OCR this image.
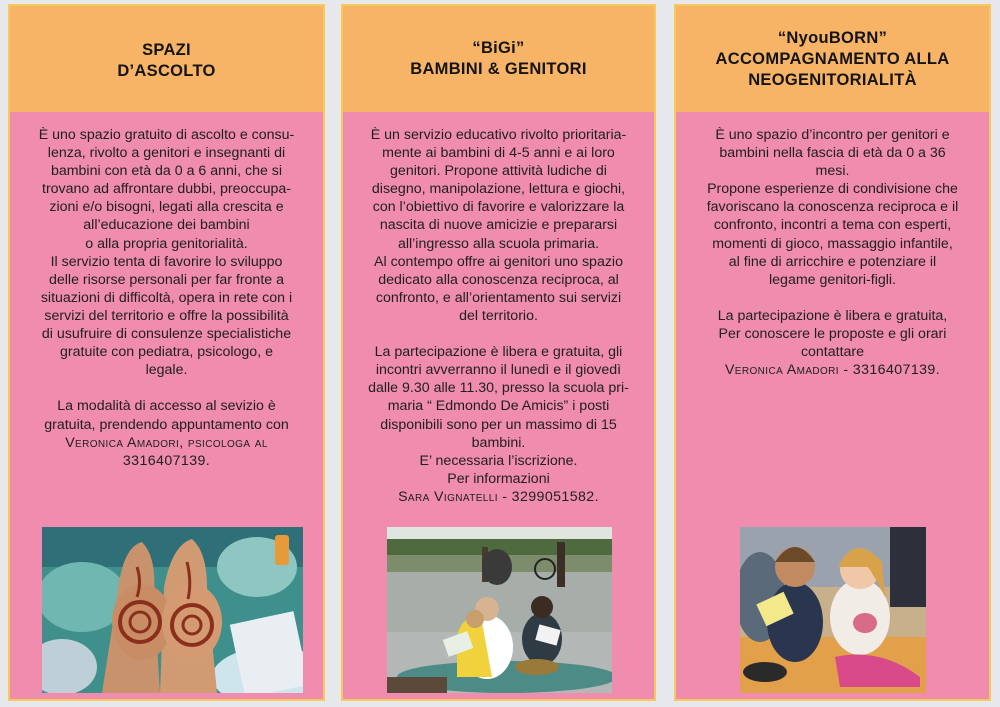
SPAZI
D’ASCOLTO
È uno spazio gratuito di ascolto e consu-
lenza, rivolto a genitori e insegnanti di
bambini con età da 0 a 6 anni, che si
trovano ad affrontare dubbi, preoccupa-
zioni e/o bisogni, legati alla crescita e
all’educazione dei bambini
o alla propria genitorialità.
Il servizio tenta di favorire lo sviluppo
delle risorse personali per far fronte a
situazioni di difficoltà, opera in rete con i
servizi del territorio e offre la possibilità
di usufruire di consulenze specialistiche
gratuite con pediatra, psicologo, e
legale.
La modalità di accesso al sevizio è
gratuita, prendendo appuntamento con
Veronica Amadori, psicologa al
3316407139.
“BiGi”
BAMBINI & GENITORI
È un servizio educativo rivolto prioritaria-
mente ai bambini di 4-5 anni e ai loro
genitori. Propone attività ludiche di
disegno, manipolazione, lettura e giochi,
con l’obiettivo di favorire e valorizzare la
nascita di nuove amicizie e prepararsi
all’ingresso alla scuola primaria.
Al contempo offre ai genitori uno spazio
dedicato alla conoscenza reciproca, al
confronto, e all’orientamento sui servizi
del territorio.
La partecipazione è libera e gratuita, gli
incontri avverranno il lunedì e il giovedì
dalle 9.30 alle 11.30, presso la scuola pri-
maria “ Edmondo De Amicis” i posti
disponibili sono per un massimo di 15
bambini.
E’ necessaria l’iscrizione.
Per informazioni
Sara Vignatelli - 3299051582.
“NyouBORN”
ACCOMPAGNAMENTO ALLA
NEOGENITORIALITÀ
È uno spazio d’incontro per genitori e
bambini nella fascia di età da 0 a 36
mesi.
Propone esperienze di condivisione che
favoriscano la conoscenza reciproca e il
confronto, incontri a tema con esperti,
momenti di gioco, massaggio infantile,
al fine di arricchire e potenziare il
legame genitori-figli.
La partecipazione è libera e gratuita,
Per conoscere le proposte e gli orari
contattare
Veronica Amadori - 3316407139.
